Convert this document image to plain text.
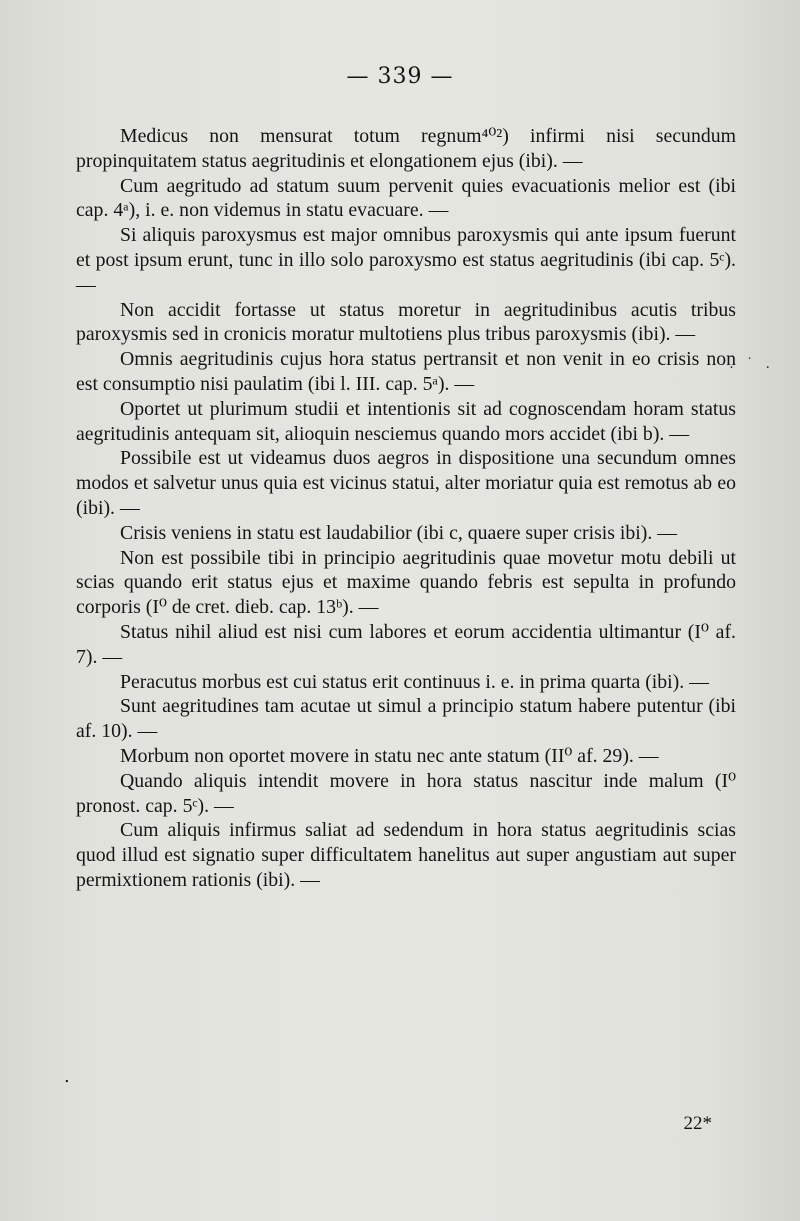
— 339 —

Medicus non mensurat totum regnum⁴⁰²) infirmi nisi secundum propinquitatem status aegritudinis et elongationem ejus (ibi). —

Cum aegritudo ad statum suum pervenit quies evacuationis melior est (ibi cap. 4ᵃ), i. e. non videmus in statu evacuare. —

Si aliquis paroxysmus est major omnibus paroxysmis qui ante ipsum fuerunt et post ipsum erunt, tunc in illo solo paroxysmo est status aegritudinis (ibi cap. 5ᶜ). —

Non accidit fortasse ut status moretur in aegritudinibus acutis tribus paroxysmis sed in cronicis moratur multotiens plus tribus paroxysmis (ibi). —

Omnis aegritudinis cujus hora status pertransit et non venit in eo crisis non est consumptio nisi paulatim (ibi l. III. cap. 5ᵃ). —

Oportet ut plurimum studii et intentionis sit ad cognoscendam horam status aegritudinis antequam sit, alioquin nesciemus quando mors accidet (ibi b). —

Possibile est ut videamus duos aegros in dispositione una secundum omnes modos et salvetur unus quia est vicinus statui, alter moriatur quia est remotus ab eo (ibi). —

Crisis veniens in statu est laudabilior (ibi c, quaere super crisis ibi). —

Non est possibile tibi in principio aegritudinis quae movetur motu debili ut scias quando erit status ejus et maxime quando febris est sepulta in profundo corporis (I⁰ de cret. dieb. cap. 13ᵇ). —

Status nihil aliud est nisi cum labores et eorum accidentia ultimantur (I⁰ af. 7). —

Peracutus morbus est cui status erit continuus i. e. in prima quarta (ibi). —

Sunt aegritudines tam acutae ut simul a principio statum habere putentur (ibi af. 10). —

Morbum non oportet movere in statu nec ante statum (II⁰ af. 29). —

Quando aliquis intendit movere in hora status nascitur inde malum (I⁰ pronost. cap. 5ᶜ). —

Cum aliquis infirmus saliat ad sedendum in hora status aegritudinis scias quod illud est signatio super difficultatem hanelitus aut super angustiam aut super permixtionem rationis (ibi). —

. ˙ .
.
22*
